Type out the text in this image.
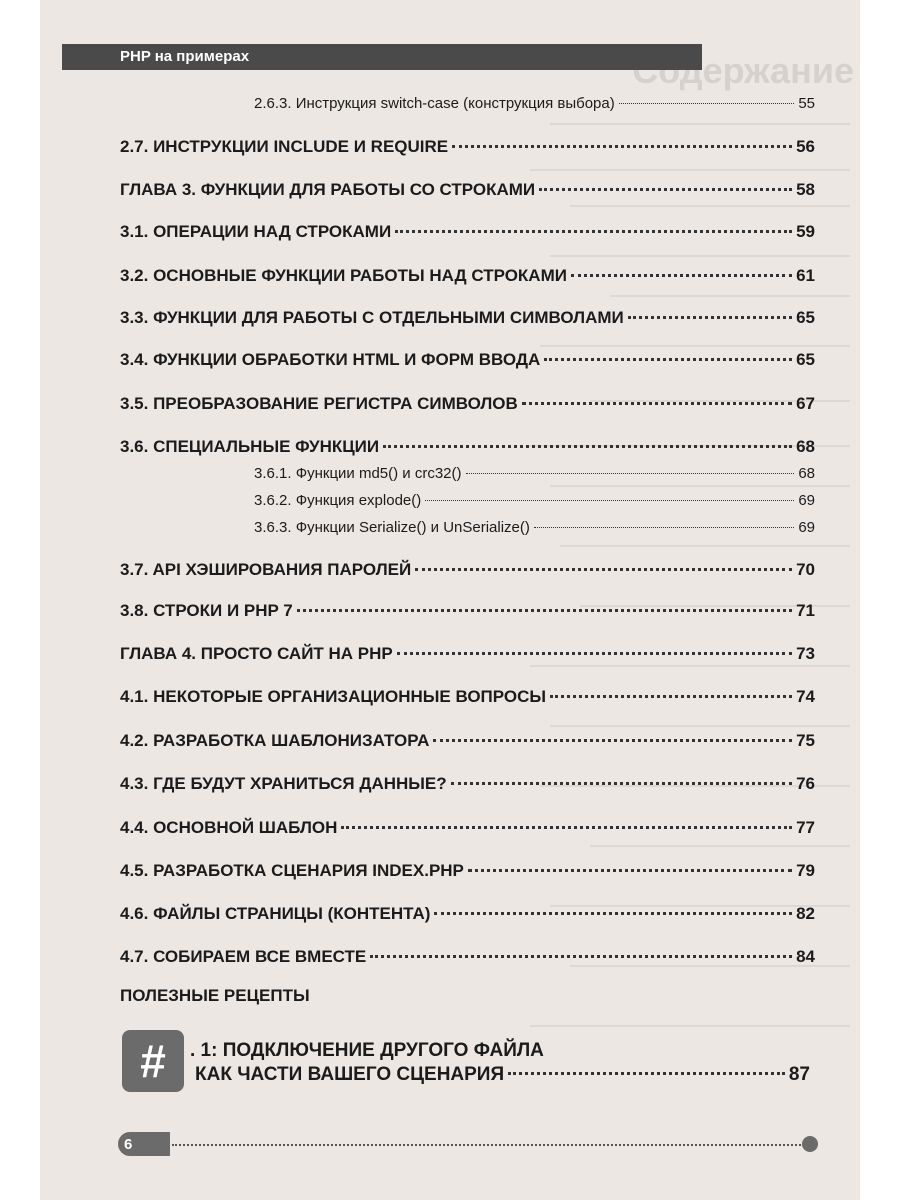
Содержание
PHP на примерах
2.6.3. Инструкция switch-case (конструкция выбора)	55
2.7. ИНСТРУКЦИИ INCLUDE И REQUIRE	56
ГЛАВА 3. ФУНКЦИИ ДЛЯ РАБОТЫ СО СТРОКАМИ	58
3.1. ОПЕРАЦИИ НАД СТРОКАМИ	59
3.2. ОСНОВНЫЕ ФУНКЦИИ РАБОТЫ НАД СТРОКАМИ	61
3.3. ФУНКЦИИ ДЛЯ РАБОТЫ С ОТДЕЛЬНЫМИ СИМВОЛАМИ	65
3.4. ФУНКЦИИ ОБРАБОТКИ HTML И ФОРМ ВВОДА	65
3.5. ПРЕОБРАЗОВАНИЕ РЕГИСТРА СИМВОЛОВ	67
3.6. СПЕЦИАЛЬНЫЕ ФУНКЦИИ	68
3.6.1. Функции md5() и crc32()	68
3.6.2. Функция explode()	69
3.6.3. Функции Serialize() и UnSerialize()	69
3.7. API ХЭШИРОВАНИЯ ПАРОЛЕЙ	70
3.8. СТРОКИ И PHP 7	71
ГЛАВА 4. ПРОСТО САЙТ НА PHP	73
4.1. НЕКОТОРЫЕ ОРГАНИЗАЦИОННЫЕ ВОПРОСЫ	74
4.2. РАЗРАБОТКА ШАБЛОНИЗАТОРА	75
4.3. ГДЕ БУДУТ ХРАНИТЬСЯ ДАННЫЕ?	76
4.4. ОСНОВНОЙ ШАБЛОН	77
4.5. РАЗРАБОТКА СЦЕНАРИЯ INDEX.PHP	79
4.6. ФАЙЛЫ СТРАНИЦЫ (КОНТЕНТА)	82
4.7. СОБИРАЕМ ВСЕ ВМЕСТЕ	84
ПОЛЕЗНЫЕ РЕЦЕПТЫ
#	. 1: ПОДКЛЮЧЕНИЕ ДРУГОГО ФАЙЛА
КАК ЧАСТИ ВАШЕГО СЦЕНАРИЯ	87
6
